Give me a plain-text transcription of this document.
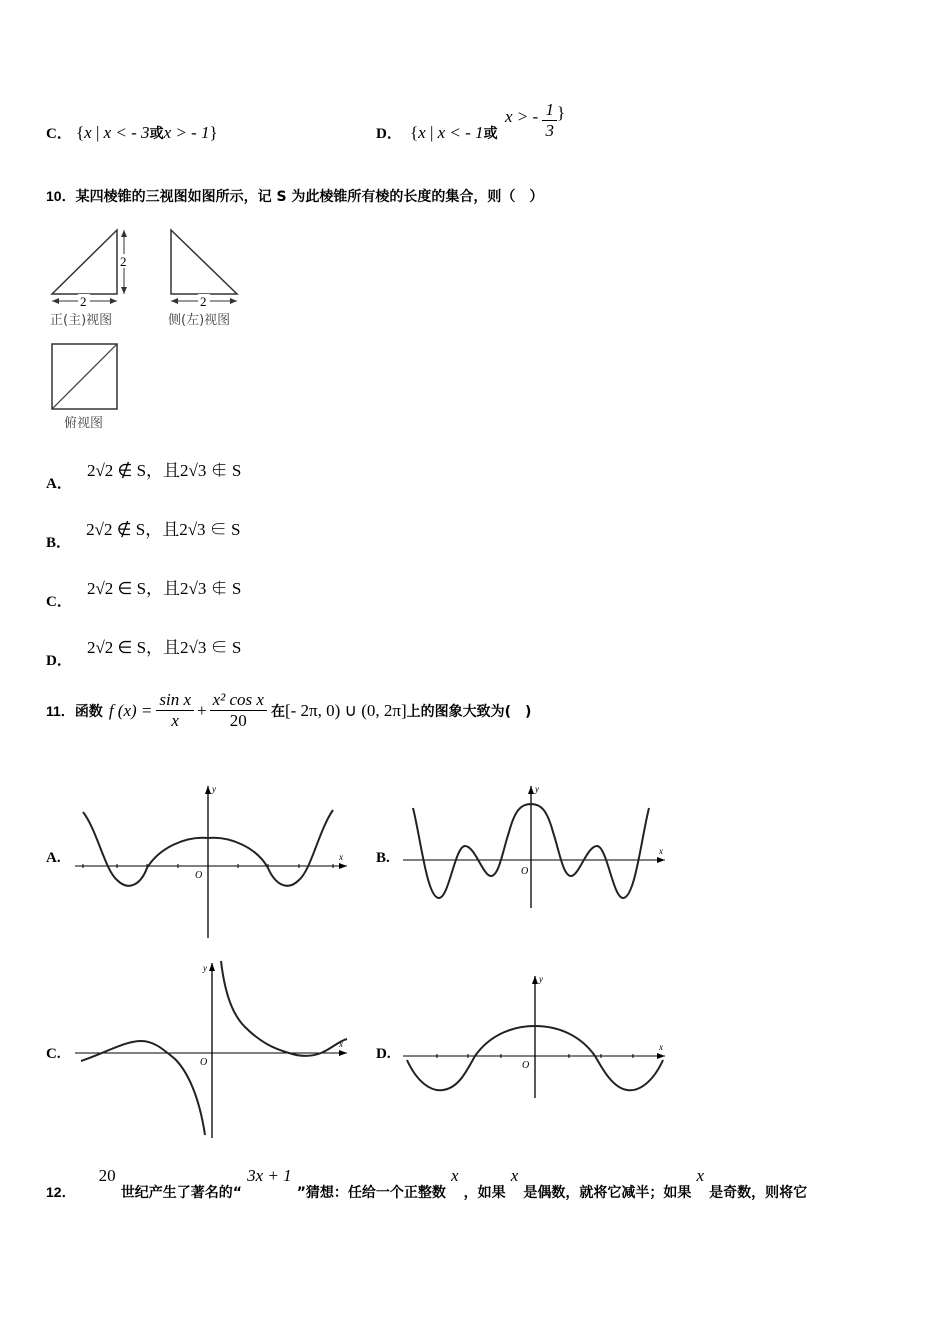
C． {x | x < - 3或x > - 1}	D． {x | x < - 1或
x > - $\frac{1}{3}$ }
10．某四棱锥的三视图如图所示，记 S 为此棱锥所有棱的长度的集合，则（　）
2
2
正(主)视图
2
侧(左)视图
俯视图
A． 2√2 ∉ S，且2√3 ∉ S
B． 2√2 ∉ S，且2√3 ∈ S
C． 2√2 ∈ S，且2√3 ∉ S
D． 2√2 ∈ S，且2√3 ∈ S
11． 函数 f $(x) = \frac{\text{sin x}}{x} + \frac{\text{x² cos x}}{20}$ 在 [- 2π, 0) ∪ (0, 2π] 上的图象大致为(　)
A.
y
x
O
B.
y
x
O
C.
y
x
O
D.
y
x
O
12． 20 世纪产生了著名的“ 3x + 1 ”猜想：任给一个正整数 x ，如果 x 是偶数，就将它减半；如果 x 是奇数，则将它
